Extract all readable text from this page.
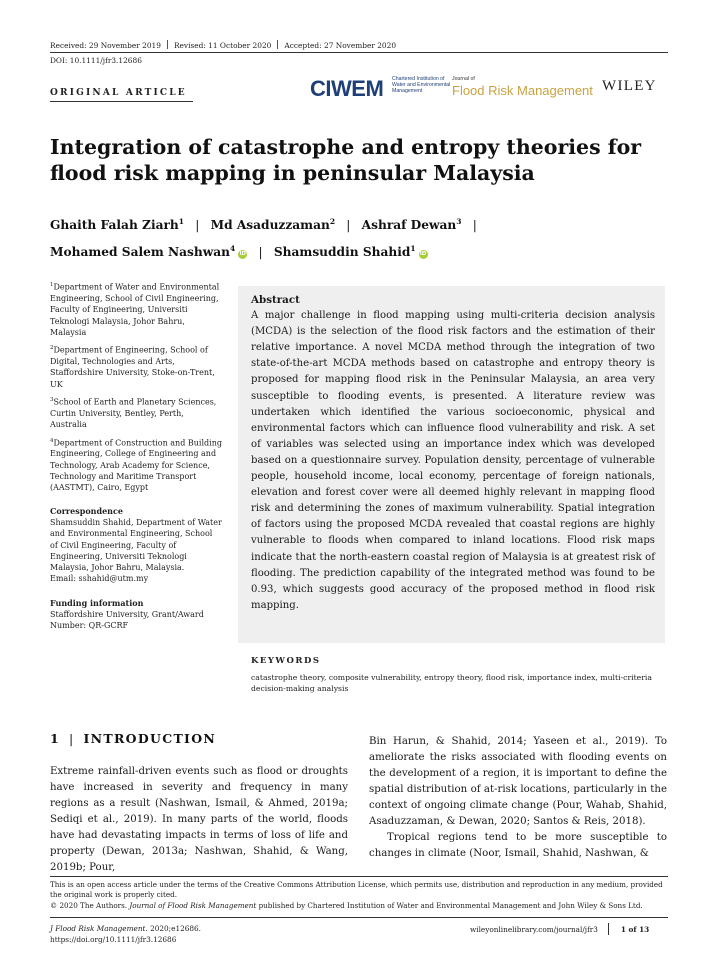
Received: 29 November 2019 Revised: 11 October 2020 Accepted: 27 November 2020
DOI: 10.1111/jfr3.12686
ORIGINAL ARTICLE	CIWEM Chartered Institution of Water and Environmental Management
Journal of
Flood Risk Management WILEY
Integration of catastrophe and entropy theories for flood risk mapping in peninsular Malaysia
Ghaith Falah Ziarh$^1$ | Md Asaduzzaman$^2$ | Ashraf Dewan$^3$ |
Mohamed Salem Nashwan$^4$iD | Shamsuddin Shahid$^1$iD
$^1$Department of Water and Environmental Engineering, School of Civil Engineering, Faculty of Engineering, Universiti Teknologi Malaysia, Johor Bahru, Malaysia
$^2$Department of Engineering, School of Digital, Technologies and Arts, Staffordshire University, Stoke-on-Trent, UK
$^3$School of Earth and Planetary Sciences, Curtin University, Bentley, Perth, Australia
$^4$Department of Construction and Building Engineering, College of Engineering and Technology, Arab Academy for Science, Technology and Maritime Transport (AASTMT), Cairo, Egypt
Correspondence
Shamsuddin Shahid, Department of Water and Environmental Engineering, School of Civil Engineering, Faculty of Engineering, Universiti Teknologi Malaysia, Johor Bahru, Malaysia.
Email: sshahid@utm.my
Funding information
Staffordshire University, Grant/Award Number: QR-GCRF
Abstract
A major challenge in flood mapping using multi-criteria decision analysis (MCDA) is the selection of the flood risk factors and the estimation of their relative importance. A novel MCDA method through the integration of two state-of-the-art MCDA methods based on catastrophe and entropy theory is proposed for mapping flood risk in the Peninsular Malaysia, an area very susceptible to flooding events, is presented. A literature review was undertaken which identified the various socioeconomic, physical and environmental factors which can influence flood vulnerability and risk. A set of variables was selected using an importance index which was developed based on a questionnaire survey. Population density, percentage of vulnerable people, household income, local economy, percentage of foreign nationals, elevation and forest cover were all deemed highly relevant in mapping flood risk and determining the zones of maximum vulnerability. Spatial integration of factors using the proposed MCDA revealed that coastal regions are highly vulnerable to floods when compared to inland locations. Flood risk maps indicate that the north-eastern coastal region of Malaysia is at greatest risk of flooding. The prediction capability of the integrated method was found to be 0.93, which suggests good accuracy of the proposed method in flood risk mapping.
KEYWORDS
catastrophe theory, composite vulnerability, entropy theory, flood risk, importance index, multi-criteria decision-making analysis
1 | INTRODUCTION
Extreme rainfall-driven events such as flood or droughts have increased in severity and frequency in many regions as a result (Nashwan, Ismail, & Ahmed, 2019a; Sediqi et al., 2019). In many parts of the world, floods have had devastating impacts in terms of loss of life and property (Dewan, 2013a; Nashwan, Shahid, & Wang, 2019b; Pour,
Bin Harun, & Shahid, 2014; Yaseen et al., 2019). To ameliorate the risks associated with flooding events on the development of a region, it is important to define the spatial distribution of at-risk locations, particularly in the context of ongoing climate change (Pour, Wahab, Shahid, Asaduzzaman, & Dewan, 2020; Santos & Reis, 2018).
Tropical regions tend to be more susceptible to changes in climate (Noor, Ismail, Shahid, Nashwan, &
This is an open access article under the terms of the Creative Commons Attribution License, which permits use, distribution and reproduction in any medium, provided the original work is properly cited.
© 2020 The Authors. Journal of Flood Risk Management published by Chartered Institution of Water and Environmental Management and John Wiley & Sons Ltd.
J Flood Risk Management. 2020;e12686.
https://doi.org/10.1111/jfr3.12686
wileyonlinelibrary.com/journal/jfr3	1 of 13
